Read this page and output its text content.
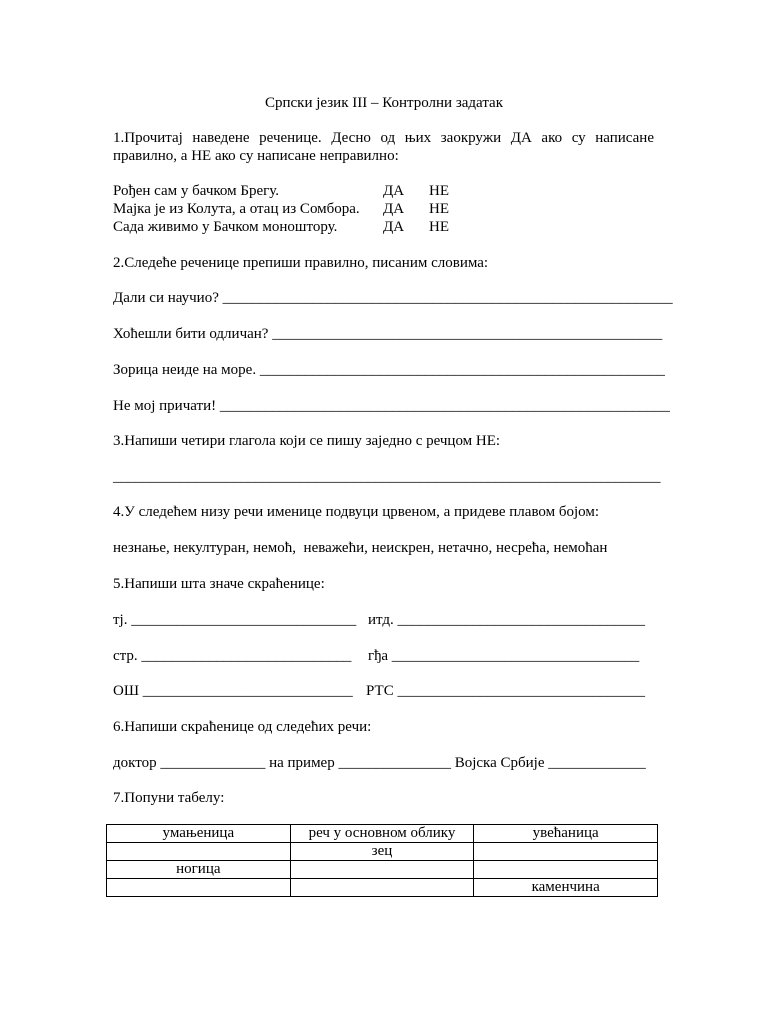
Српски језик III – Контролни задатак
1.Прочитај наведене реченице. Десно од њих заокружи ДА ако су написане правилно, а НЕ ако су написане неправилно:
Рођен сам у бачком Брегу.	ДА НЕ
Мајка је из Колута, а отац из Сомбора. ДА НЕ
Сада живимо у Бачком моноштору.	ДА НЕ
2.Следеће реченице препиши правилно, писаним словима:
Дали си научио? ____________________________________________________________
Хоћешли бити одличан? ____________________________________________________
Зорица неиде на море. ______________________________________________________
Не мој причати! ____________________________________________________________
3.Напиши четири глагола који се пишу заједно с речцом НЕ:
_________________________________________________________________________
4.У следећем низу речи именице подвуци црвеном, а придеве плавом бојом:
незнање, некултуран, немоћ,  неважећи, неискрен, нетачно, несрећа, немоћан
5.Напиши шта значе скраћенице:
тј. ______________________________ итд. _________________________________
стр. ____________________________ гђа _________________________________
ОШ ____________________________ РТС _________________________________
6.Напиши скраћенице од следећих речи:
доктор ______________ на пример _______________ Војска Србије _____________
7.Попуни табелу:
умањеница	реч у основном облику	увећаница
	зец	
ногица		
		каменчина
